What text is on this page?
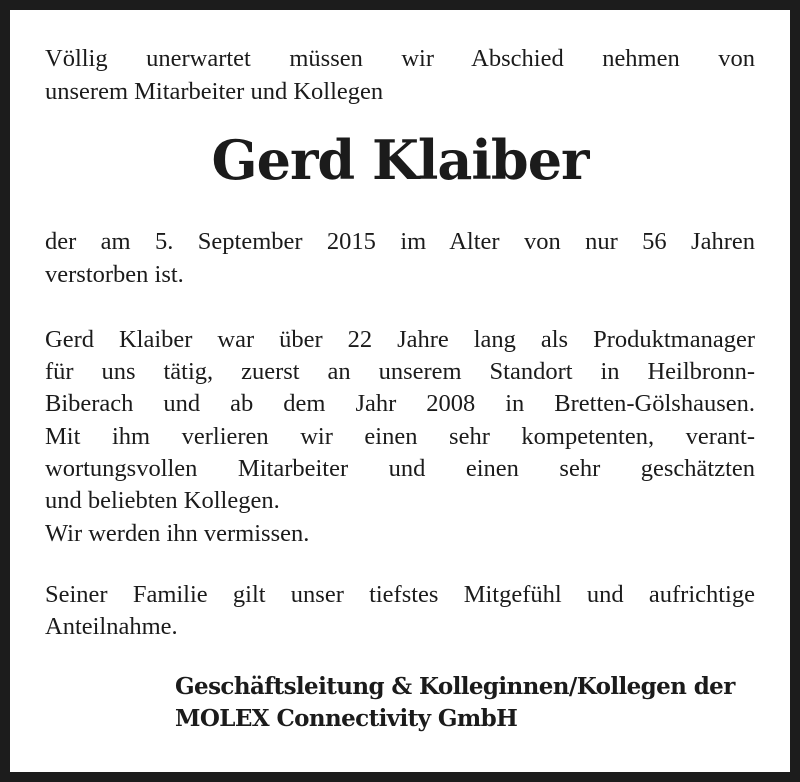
Völlig unerwartet müssen wir Abschied nehmen von
unserem Mitarbeiter und Kollegen
Gerd Klaiber
der am 5. September 2015 im Alter von nur 56 Jahren
verstorben ist.
Gerd Klaiber war über 22 Jahre lang als Produktmanager
für uns tätig, zuerst an unserem Standort in Heilbronn-
Biberach und ab dem Jahr 2008 in Bretten-Gölshausen.
Mit ihm verlieren wir einen sehr kompetenten, verant-
wortungsvollen Mitarbeiter und einen sehr geschätzten
und beliebten Kollegen.
Wir werden ihn vermissen.
Seiner Familie gilt unser tiefstes Mitgefühl und aufrichtige
Anteilnahme.
Geschäftsleitung & Kolleginnen/Kollegen der
MOLEX Connectivity GmbH
